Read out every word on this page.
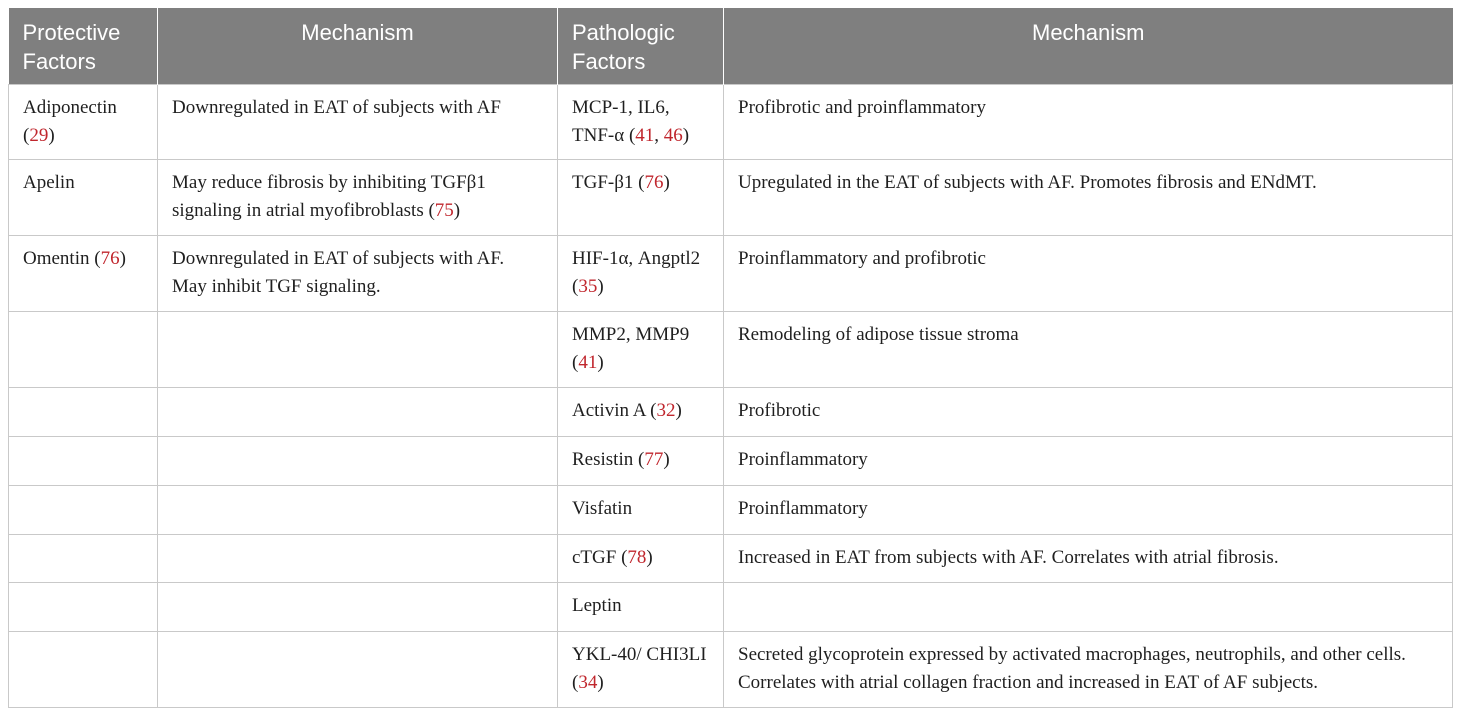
Protective Factors	Mechanism	Pathologic Factors	Mechanism
Adiponectin (29)	Downregulated in EAT of subjects with AF	MCP-1, IL6, TNF-α (41, 46)	Profibrotic and proinflammatory
Apelin	May reduce fibrosis by inhibiting TGFβ1 signaling in atrial myofibroblasts (75)	TGF-β1 (76)	Upregulated in the EAT of subjects with AF. Promotes fibrosis and ENdMT.
Omentin (76)	Downregulated in EAT of subjects with AF. May inhibit TGF signaling.	HIF-1α, Angptl2 (35)	Proinflammatory and profibrotic
		MMP2, MMP9 (41)	Remodeling of adipose tissue stroma
		Activin A (32)	Profibrotic
		Resistin (77)	Proinflammatory
		Visfatin	Proinflammatory
		cTGF (78)	Increased in EAT from subjects with AF. Correlates with atrial fibrosis.
		Leptin	
		YKL-40/ CHI3LI (34)	Secreted glycoprotein expressed by activated macrophages, neutrophils, and other cells. Correlates with atrial collagen fraction and increased in EAT of AF subjects.
